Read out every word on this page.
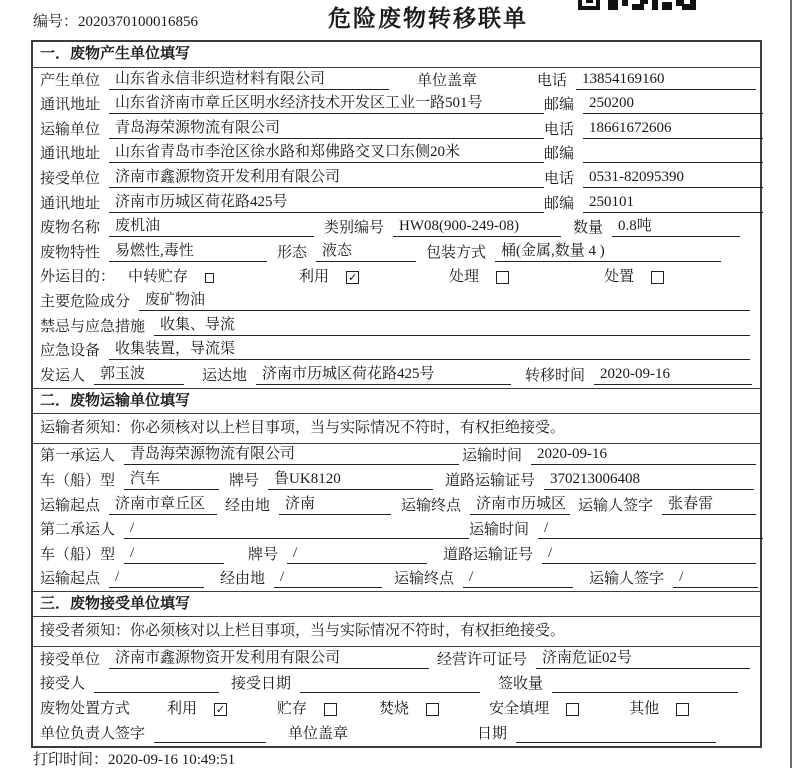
编号：2020370100016856	危险废物转移联单
一．废物产生单位填写
产生单位	山东省永信非织造材料有限公司	单位盖章	电话	13854169160
通讯地址	山东省济南市章丘区明水经济技术开发区工业一路501号	邮编	250200
运输单位	青岛海荣源物流有限公司	电话	18661672606
通讯地址	山东省青岛市李沧区徐水路和郑佛路交叉口东侧20米	邮编
接受单位	济南市鑫源物资开发利用有限公司	电话	0531-82095390
通讯地址	济南市历城区荷花路425号	邮编	250101
废物名称	废机油	类别编号	HW08(900-249-08)	数量	0.8吨
废物特性	易燃性,毒性	形态	液态	包装方式	桶(金属,数量 4 )
外运目的： 中转贮存	利用 ✓	处理	处置
主要危险成分	废矿物油
禁忌与应急措施	收集、导流
应急设备	收集装置，导流渠
发运人	郭玉波	运达地	济南市历城区荷花路425号	转移时间	2020-09-16
二．废物运输单位填写
运输者须知：你必须核对以上栏目事项，当与实际情况不符时，有权拒绝接受。
第一承运人	青岛海荣源物流有限公司	运输时间	2020-09-16
车（船）型	汽车	牌号	鲁UK8120	道路运输证号	370213006408
运输起点	济南市章丘区	经由地	济南	运输终点	济南市历城区 运输人签字	张春雷
第二承运人	/	运输时间	/
车（船）型	/	牌号	/	道路运输证号	/
运输起点	/	经由地	/	运输终点	/	运输人签字	/
三．废物接受单位填写
接受者须知：你必须核对以上栏目事项，当与实际情况不符时，有权拒绝接受。
接受单位	济南市鑫源物资开发利用有限公司	经营许可证号	济南危证02号
接受人	接受日期	签收量
废物处置方式 利用 ✓	贮存	焚烧	安全填埋	其他
单位负责人签字	单位盖章	日期
打印时间：2020-09-16 10:49:51
